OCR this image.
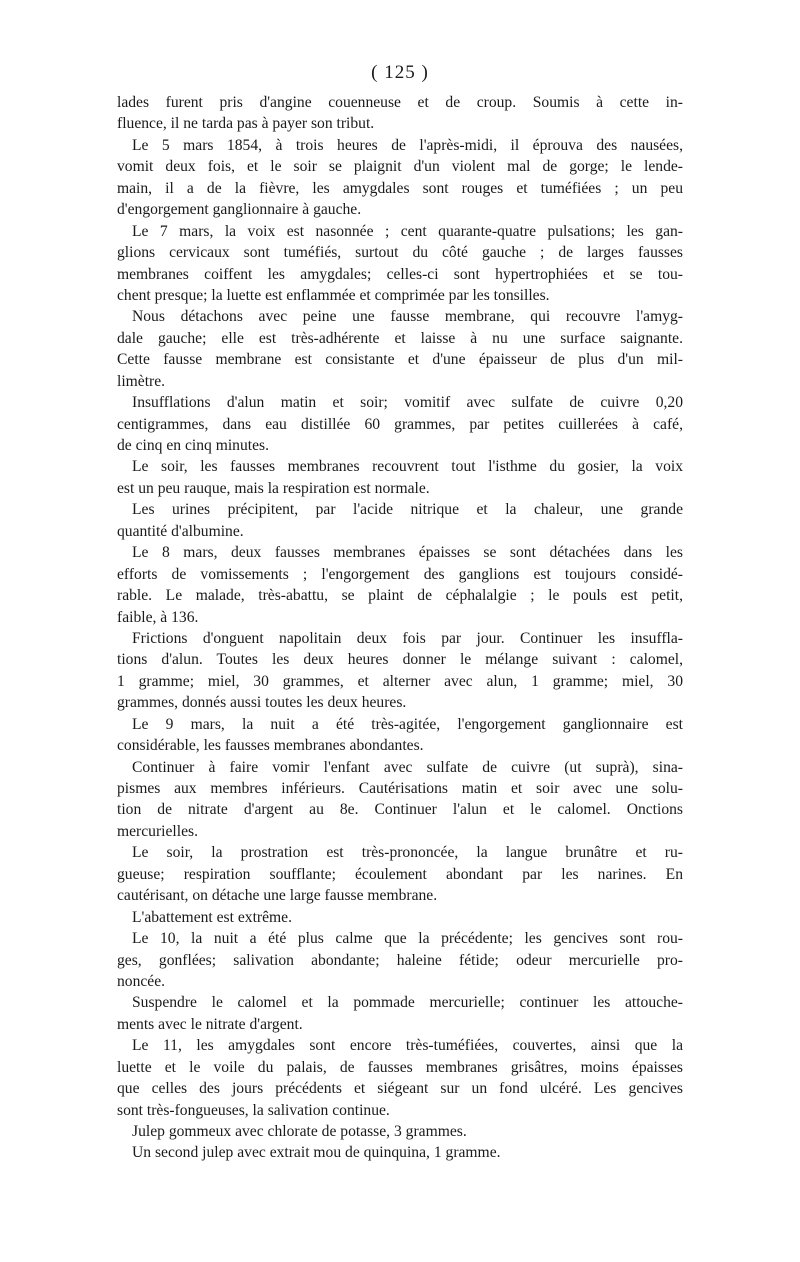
( 125 )
lades furent pris d'angine couenneuse et de croup. Soumis à cette in-
fluence, il ne tarda pas à payer son tribut.
Le 5 mars 1854, à trois heures de l'après-midi, il éprouva des nausées,
vomit deux fois, et le soir se plaignit d'un violent mal de gorge; le lende-
main, il a de la fièvre, les amygdales sont rouges et tuméfiées ; un peu
d'engorgement ganglionnaire à gauche.
Le 7 mars, la voix est nasonnée ; cent quarante-quatre pulsations; les gan-
glions cervicaux sont tuméfiés, surtout du côté gauche ; de larges fausses
membranes coiffent les amygdales; celles-ci sont hypertrophiées et se tou-
chent presque; la luette est enflammée et comprimée par les tonsilles.
Nous détachons avec peine une fausse membrane, qui recouvre l'amyg-
dale gauche; elle est très-adhérente et laisse à nu une surface saignante.
Cette fausse membrane est consistante et d'une épaisseur de plus d'un mil-
limètre.
Insufflations d'alun matin et soir; vomitif avec sulfate de cuivre 0,20
centigrammes, dans eau distillée 60 grammes, par petites cuillerées à café,
de cinq en cinq minutes.
Le soir, les fausses membranes recouvrent tout l'isthme du gosier, la voix
est un peu rauque, mais la respiration est normale.
Les urines précipitent, par l'acide nitrique et la chaleur, une grande
quantité d'albumine.
Le 8 mars, deux fausses membranes épaisses se sont détachées dans les
efforts de vomissements ; l'engorgement des ganglions est toujours considé-
rable. Le malade, très-abattu, se plaint de céphalalgie ; le pouls est petit,
faible, à 136.
Frictions d'onguent napolitain deux fois par jour. Continuer les insuffla-
tions d'alun. Toutes les deux heures donner le mélange suivant : calomel,
1 gramme; miel, 30 grammes, et alterner avec alun, 1 gramme; miel, 30
grammes, donnés aussi toutes les deux heures.
Le 9 mars, la nuit a été très-agitée, l'engorgement ganglionnaire est
considérable, les fausses membranes abondantes.
Continuer à faire vomir l'enfant avec sulfate de cuivre (ut suprà), sina-
pismes aux membres inférieurs. Cautérisations matin et soir avec une solu-
tion de nitrate d'argent au 8e. Continuer l'alun et le calomel. Onctions
mercurielles.
Le soir, la prostration est très-prononcée, la langue brunâtre et ru-
gueuse; respiration soufflante; écoulement abondant par les narines. En
cautérisant, on détache une large fausse membrane.
L'abattement est extrême.
Le 10, la nuit a été plus calme que la précédente; les gencives sont rou-
ges, gonflées; salivation abondante; haleine fétide; odeur mercurielle pro-
noncée.
Suspendre le calomel et la pommade mercurielle; continuer les attouche-
ments avec le nitrate d'argent.
Le 11, les amygdales sont encore très-tuméfiées, couvertes, ainsi que la
luette et le voile du palais, de fausses membranes grisâtres, moins épaisses
que celles des jours précédents et siégeant sur un fond ulcéré. Les gencives
sont très-fongueuses, la salivation continue.
Julep gommeux avec chlorate de potasse, 3 grammes.
Un second julep avec extrait mou de quinquina, 1 gramme.
